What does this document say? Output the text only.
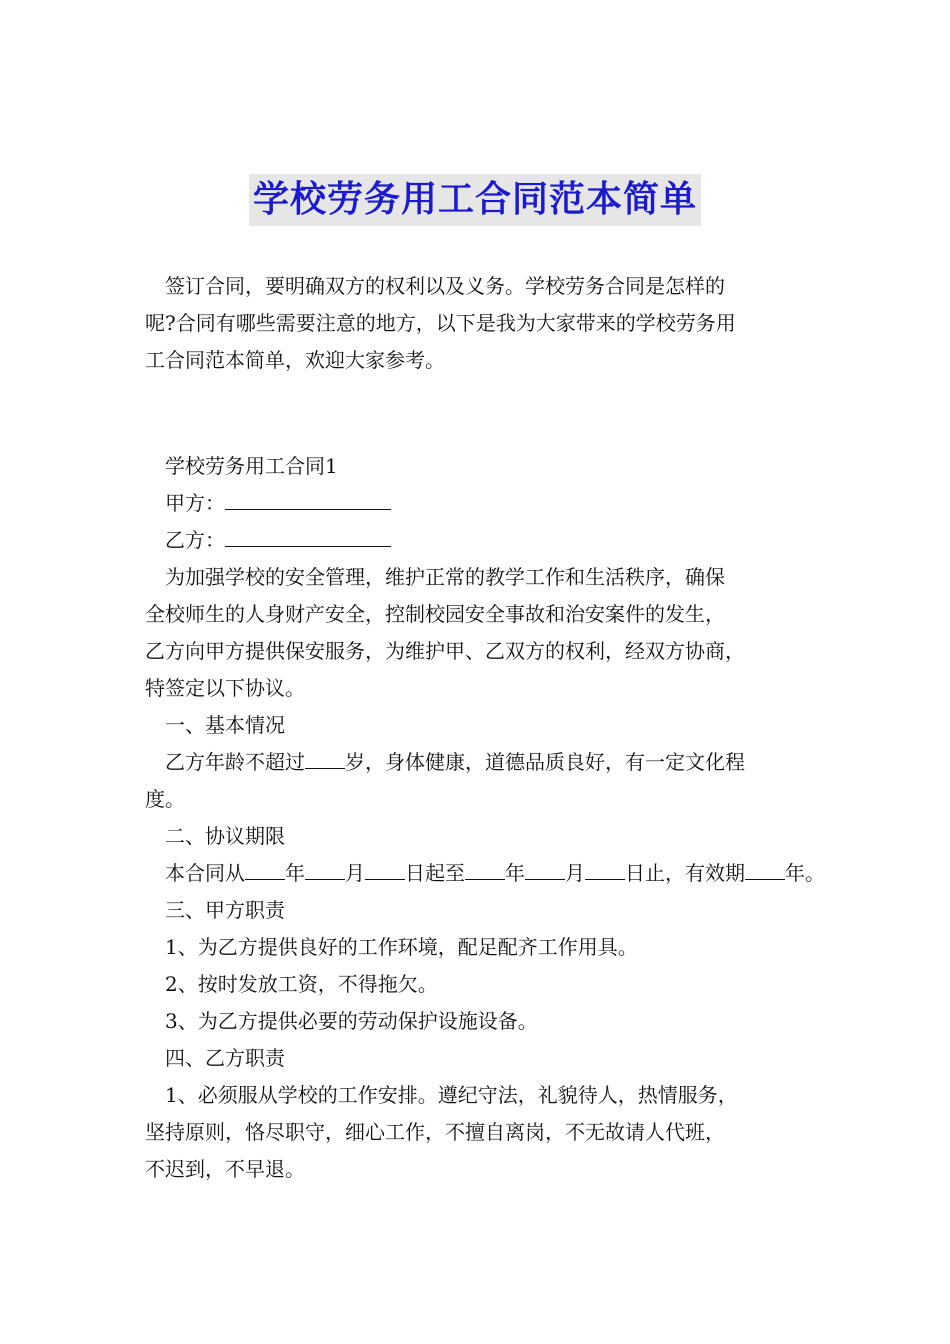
学校劳务用工合同范本简单

签订合同，要明确双方的权利以及义务。学校劳务合同是怎样的

呢?合同有哪些需要注意的地方，以下是我为大家带来的学校劳务用

工合同范本简单，欢迎大家参考。

学校劳务用工合同1

甲方：

乙方：

为加强学校的安全管理，维护正常的教学工作和生活秩序，确保

全校师生的人身财产安全，控制校园安全事故和治安案件的发生，

乙方向甲方提供保安服务，为维护甲、乙双方的权利，经双方协商，

特签定以下协议。

一、基本情况

乙方年龄不超过 岁，身体健康，道德品质良好，有一定文化程

度。

二、协议期限

本合同从 年 月 日起至 年 月 日止，有效期 年。

三、甲方职责

1、为乙方提供良好的工作环境，配足配齐工作用具。

2、按时发放工资，不得拖欠。

3、为乙方提供必要的劳动保护设施设备。

四、乙方职责

1、必须服从学校的工作安排。遵纪守法，礼貌待人，热情服务，

坚持原则，恪尽职守，细心工作，不擅自离岗，不无故请人代班，

不迟到，不早退。
